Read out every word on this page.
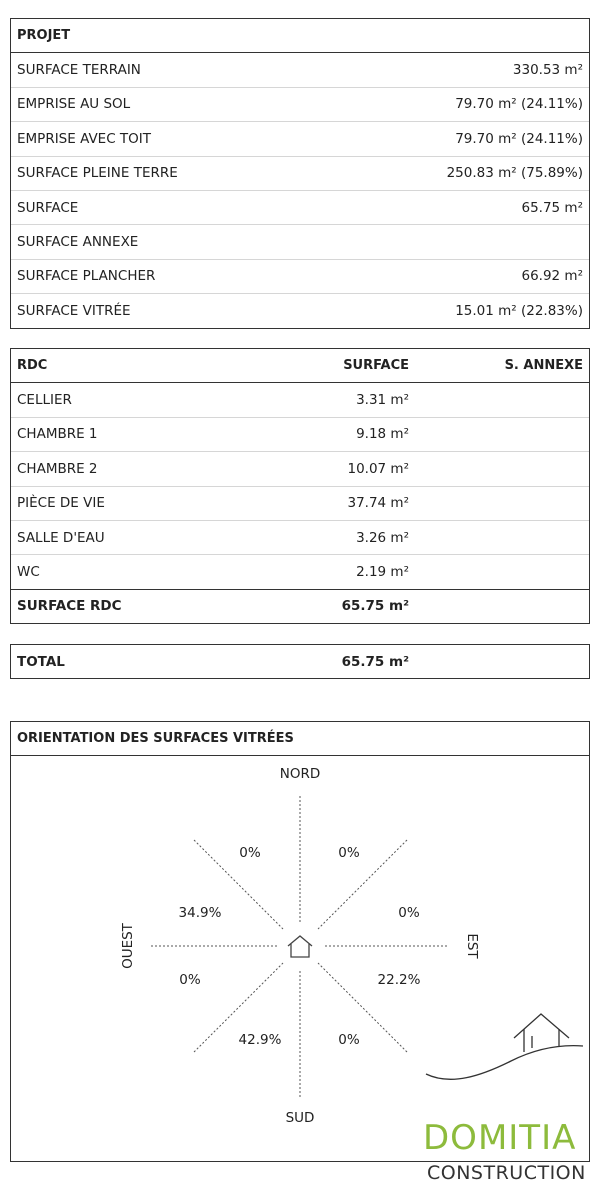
PROJET	
SURFACE TERRAIN	330.53 m²
EMPRISE AU SOL	79.70 m² (24.11%)
EMPRISE AVEC TOIT	79.70 m² (24.11%)
SURFACE PLEINE TERRE	250.83 m² (75.89%)
SURFACE	65.75 m²
SURFACE ANNEXE	
SURFACE PLANCHER	66.92 m²
SURFACE VITRÉE	15.01 m² (22.83%)
RDC	SURFACE	S. ANNEXE
CELLIER	3.31 m²	
CHAMBRE 1	9.18 m²	
CHAMBRE 2	10.07 m²	
PIÈCE DE VIE	37.74 m²	
SALLE D'EAU	3.26 m²	
WC	2.19 m²	
SURFACE RDC	65.75 m²	
TOTAL	65.75 m²	
ORIENTATION DES SURFACES VITRÉES
NORD
SUD
EST
OUEST
0%	0%
0%
22.2%
0%
42.9%
0%
34.9%
DOMITIA
CONSTRUCTION
